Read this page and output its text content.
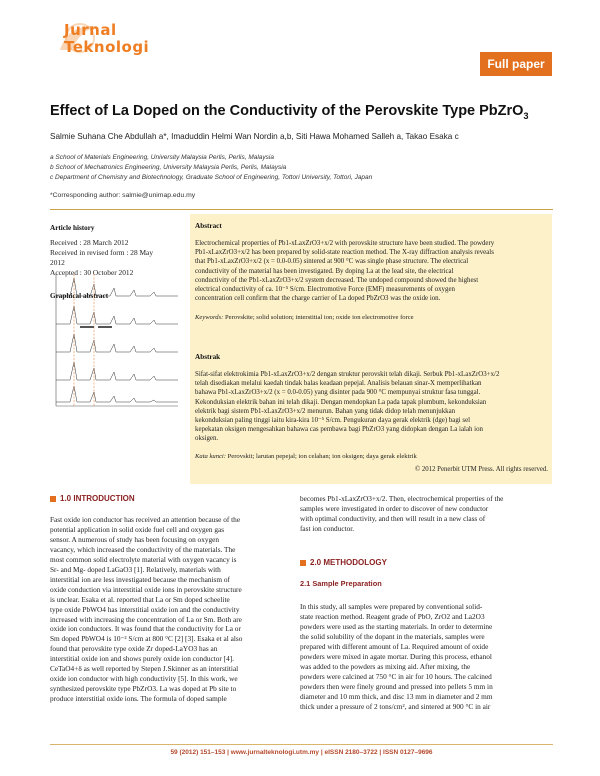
Jurnal
Teknologi
Full paper
Effect of La Doped on the Conductivity of the Perovskite Type PbZrO$_3$
Salmie Suhana Che Abdullah a*, Imaduddin Helmi Wan Nordin a,b, Siti Hawa Mohamed Salleh a, Takao Esaka c
a School of Materials Engineering, University Malaysia Perlis, Perlis, Malaysia
b School of Mechatronics Engineering, University Malaysia Perlis, Perlis, Malaysia
c Department of Chemistry and Biotechnology, Graduate School of Engineering, Tottori University, Tottori, Japan
*Corresponding author: salmie@unimap.edu.my
Article history
Received : 28 March 2012
Received in revised form : 28 May
2012
Accepted : 30 October 2012
Graphical abstract
Abstract
Electrochemical properties of Pb1-xLaxZrO3+x/2 with perovskite structure have been studied. The powdery
Pb1-xLaxZrO3+x/2 has been prepared by solid-state reaction method. The X-ray diffraction analysis reveals
that Pb1-xLaxZrO3+x/2 (x = 0.0-0.05) sintered at 900 °C was single phase structure. The electrical
conductivity of the material has been investigated. By doping La at the lead site, the electrical
conductivity of the Pb1-xLaxZrO3+x/2 system decreased. The undoped compound showed the highest
electrical conductivity of ca. 10⁻⁵ S/cm. Electromotive Force (EMF) measurements of oxygen
concentration cell confirm that the charge carrier of La doped PbZrO3 was the oxide ion.
Keywords: Perovskite; solid solution; interstitial ion; oxide ion electromotive force
Abstrak
Sifat-sifat elektrokimia Pb1-xLaxZrO3+x/2 dengan struktur perovskit telah dikaji. Serbuk Pb1-xLaxZrO3+x/2
telah disediakan melalui kaedah tindak balas keadaan pepejal. Analisis belauan sinar-X memperlihatkan
bahawa Pb1-xLaxZrO3+x/2 (x = 0.0-0.05) yang disinter pada 900 °C mempunyai struktur fasa tunggal.
Kekonduksian elektrik bahan ini telah dikaji. Dengan mendopkan La pada tapak plumbum, kekonduksian
elektrik bagi sistem Pb1-xLaxZrO3+x/2 menurun. Bahan yang tidak didop telah menunjukkan
kekonduksian paling tinggi iaitu kira-kira 10⁻⁵ S/cm. Pengukuran daya gerak elektrik (dge) bagi sel
kepekatan oksigen mengesahkan bahawa cas pembawa bagi PbZrO3 yang didopkan dengan La ialah ion
oksigen.
Kata kunci: Perovskit; larutan pepejal; ion celahan; ion oksigen; daya gerak elektrik
© 2012 Penerbit UTM Press. All rights reserved.
1.0 INTRODUCTION
Fast oxide ion conductor has received an attention because of the
potential application in solid oxide fuel cell and oxygen gas
sensor. A numerous of study has been focusing on oxygen
vacancy, which increased the conductivity of the materials. The
most common solid electrolyte material with oxygen vacancy is
Sr- and Mg- doped LaGaO3 [1]. Relatively, materials with
interstitial ion are less investigated because the mechanism of
oxide conduction via interstitial oxide ions in perovskite structure
is unclear. Esaka et al. reported that La or Sm doped scheelite
type oxide PbWO4 has interstitial oxide ion and the conductivity
increased with increasing the concentration of La or Sm. Both are
oxide ion conductors. It was found that the conductivity for La or
Sm doped PbWO4 is 10⁻² S/cm at 800 °C [2] [3]. Esaka et al also
found that perovskite type oxide Zr doped-LaYO3 has an
interstitial oxide ion and shows purely oxide ion conductor [4].
CeTaO4+δ as well reported by Stepen J.Skinner as an interstitial
oxide ion conductor with high conductivity [5]. In this work, we
synthesized perovskite type PbZrO3. La was doped at Pb site to
produce interstitial oxide ions. The formula of doped sample
becomes Pb1-xLaxZrO3+x/2. Then, electrochemical properties of the
samples were investigated in order to discover of new conductor
with optimal conductivity, and then will result in a new class of
fast ion conductor.
2.0 METHODOLOGY
2.1 Sample Preparation
In this study, all samples were prepared by conventional solid-
state reaction method. Reagent grade of PbO, ZrO2 and La2O3
powders were used as the starting materials. In order to determine
the solid solubility of the dopant in the materials, samples were
prepared with different amount of La. Required amount of oxide
powders were mixed in agate mortar. During this process, ethanol
was added to the powders as mixing aid. After mixing, the
powders were calcined at 750 °C in air for 10 hours. The calcined
powders then were finely ground and pressed into pellets 5 mm in
diameter and 10 mm thick, and disc 13 mm in diameter and 2 mm
thick under a pressure of 2 tons/cm², and sintered at 900 °C in air
59 (2012) 151–153 | www.jurnalteknologi.utm.my | eISSN 2180–3722 | ISSN 0127–9696
